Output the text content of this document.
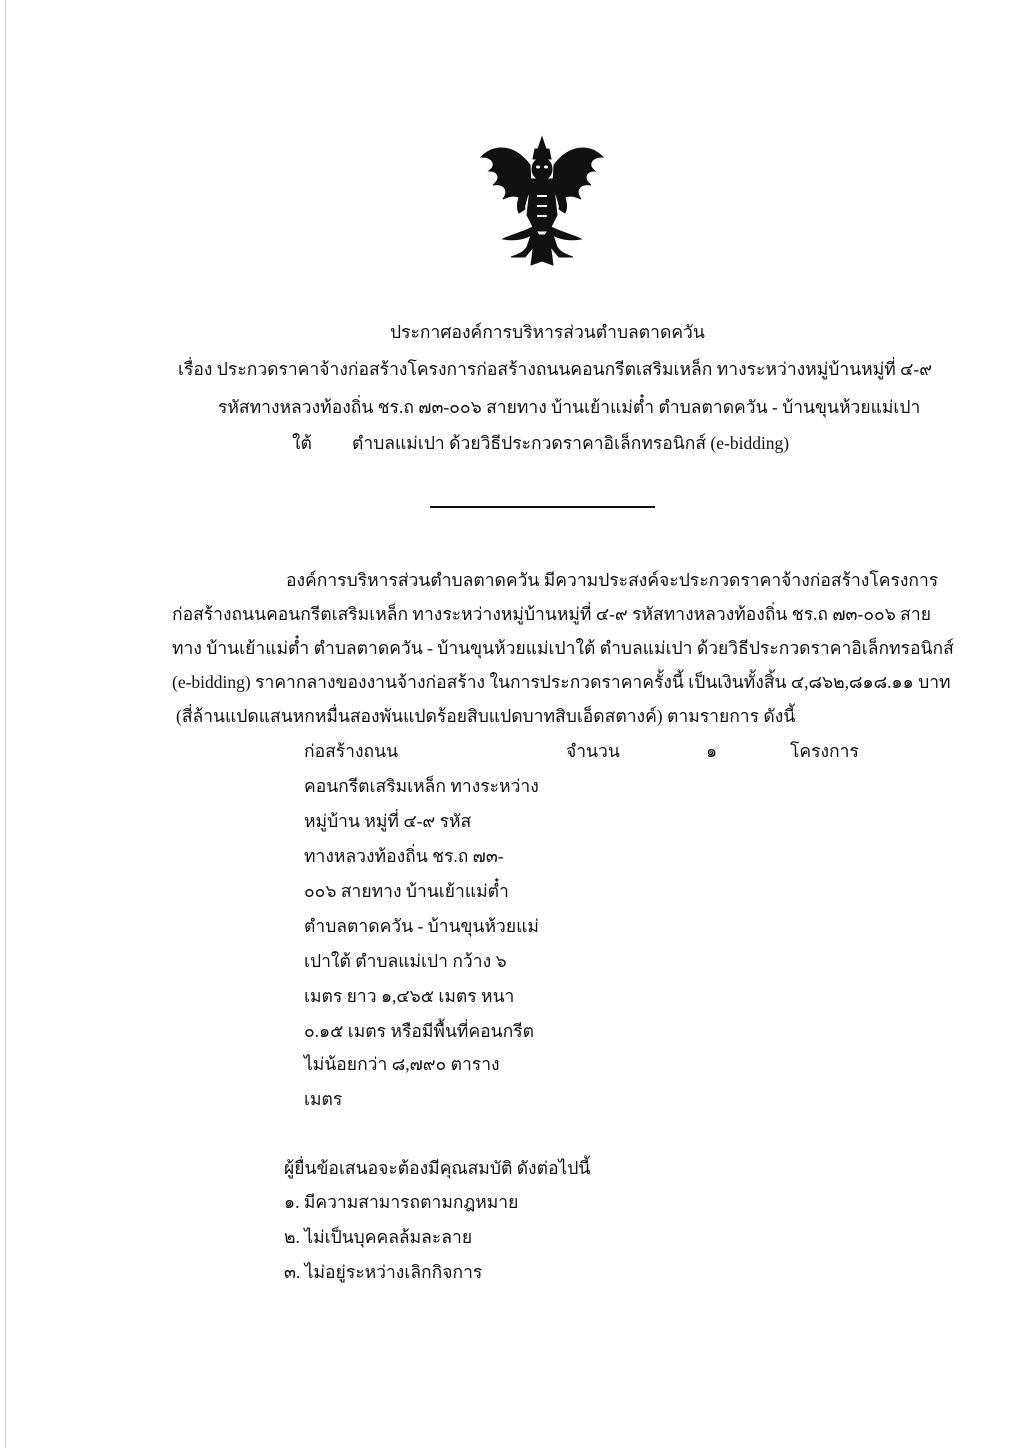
ประกาศองค์การบริหารส่วนตำบลตาดควัน
เรื่อง ประกวดราคาจ้างก่อสร้างโครงการก่อสร้างถนนคอนกรีตเสริมเหล็ก ทางระหว่างหมู่บ้านหมู่ที่ ๔-๙
รหัสทางหลวงท้องถิ่น ชร.ถ ๗๓-๐๐๖ สายทาง บ้านเย้าแม่ต๋ำ ตำบลตาดควัน - บ้านขุนห้วยแม่เปา
ใต้ ตำบลแม่เปา ด้วยวิธีประกวดราคาอิเล็กทรอนิกส์ (e-bidding)
องค์การบริหารส่วนตำบลตาดควัน มีความประสงค์จะประกวดราคาจ้างก่อสร้างโครงการ
ก่อสร้างถนนคอนกรีตเสริมเหล็ก ทางระหว่างหมู่บ้านหมู่ที่ ๔-๙ รหัสทางหลวงท้องถิ่น ชร.ถ ๗๓-๐๐๖ สาย
ทาง บ้านเย้าแม่ต๋ำ ตำบลตาดควัน - บ้านขุนห้วยแม่เปาใต้ ตำบลแม่เปา ด้วยวิธีประกวดราคาอิเล็กทรอนิกส์
(e-bidding) ราคากลางของงานจ้างก่อสร้าง ในการประกวดราคาครั้งนี้ เป็นเงินทั้งสิ้น ๔,๘๖๒,๘๑๘.๑๑ บาท
(สี่ล้านแปดแสนหกหมื่นสองพันแปดร้อยสิบแปดบาทสิบเอ็ดสตางค์) ตามรายการ ดังนี้
ก่อสร้างถนน	จำนวน	๑	โครงการ
คอนกรีตเสริมเหล็ก ทางระหว่าง
หมู่บ้าน หมู่ที่ ๔-๙ รหัส
ทางหลวงท้องถิ่น ชร.ถ ๗๓-
๐๐๖ สายทาง บ้านเย้าแม่ต๋ำ
ตำบลตาดควัน - บ้านขุนห้วยแม่
เปาใต้ ตำบลแม่เปา กว้าง ๖
เมตร ยาว ๑,๔๖๕ เมตร หนา
๐.๑๕ เมตร หรือมีพื้นที่คอนกรีต
ไม่น้อยกว่า ๘,๗๙๐ ตาราง
เมตร
ผู้ยื่นข้อเสนอจะต้องมีคุณสมบัติ ดังต่อไปนี้
๑. มีความสามารถตามกฎหมาย
๒. ไม่เป็นบุคคลล้มละลาย
๓. ไม่อยู่ระหว่างเลิกกิจการ
